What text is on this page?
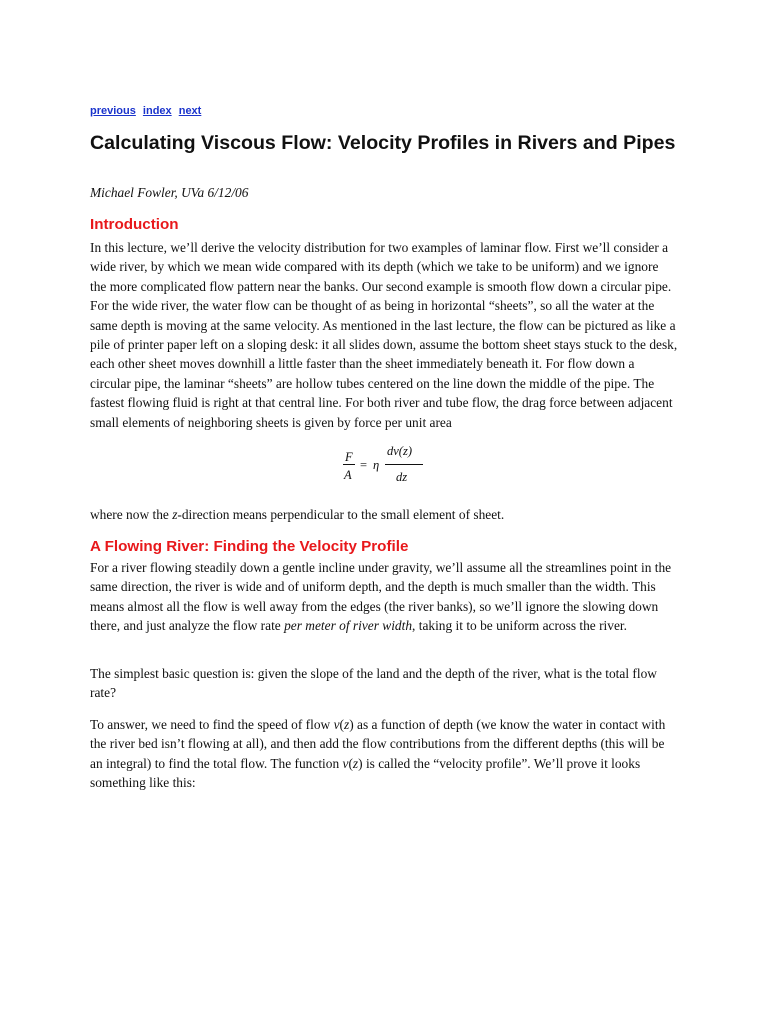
previous index next
Calculating Viscous Flow: Velocity Profiles in Rivers and Pipes
Michael Fowler, UVa 6/12/06
Introduction

In this lecture, we’ll derive the velocity distribution for two examples of laminar flow. First we’ll consider a wide river, by which we mean wide compared with its depth (which we take to be uniform) and we ignore the more complicated flow pattern near the banks. Our second example is smooth flow down a circular pipe. For the wide river, the water flow can be thought of as being in horizontal “sheets”, so all the water at the same depth is moving at the same velocity. As mentioned in the last lecture, the flow can be pictured as like a pile of printer paper left on a sloping desk: it all slides down, assume the bottom sheet stays stuck to the desk, each other sheet moves downhill a little faster than the sheet immediately beneath it. For flow down a circular pipe, the laminar “sheets” are hollow tubes centered on the line down the middle of the pipe. The fastest flowing fluid is right at that central line. For both river and tube flow, the drag force between adjacent small elements of neighboring sheets is given by force per unit area

F
A
= η
dv(z)
dz

where now the z-direction means perpendicular to the small element of sheet.

A Flowing River: Finding the Velocity Profile

For a river flowing steadily down a gentle incline under gravity, we’ll assume all the streamlines point in the same direction, the river is wide and of uniform depth, and the depth is much smaller than the width. This means almost all the flow is well away from the edges (the river banks), so we’ll ignore the slowing down there, and just analyze the flow rate per meter of river width, taking it to be uniform across the river.

The simplest basic question is: given the slope of the land and the depth of the river, what is the total flow rate?

To answer, we need to find the speed of flow v(z) as a function of depth (we know the water in contact with the river bed isn’t flowing at all), and then add the flow contributions from the different depths (this will be an integral) to find the total flow. The function v(z) is called the “velocity profile”. We’ll prove it looks something like this:
